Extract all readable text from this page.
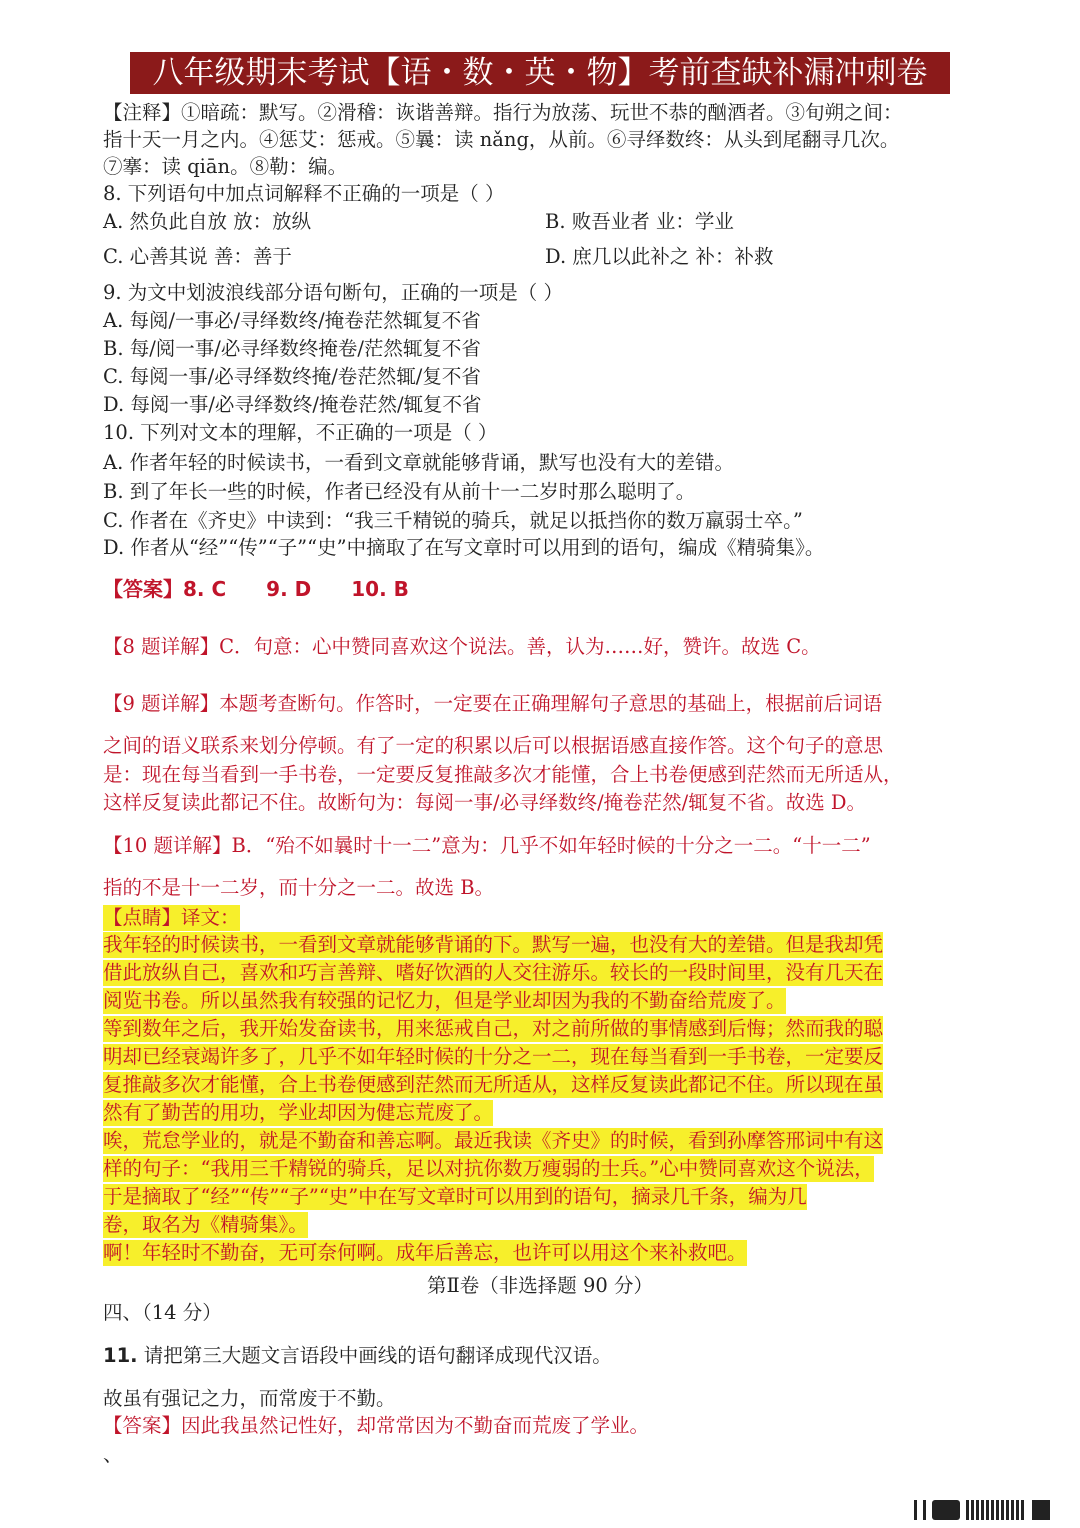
八年级期末考试【语・数・英・物】考前查缺补漏冲刺卷
【注释】①暗疏：默写。②滑稽：诙谐善辩。指行为放荡、玩世不恭的酗酒者。③旬朔之间：
指十天一月之内。④惩艾：惩戒。⑤曩：读 nǎng，从前。⑥寻绎数终：从头到尾翻寻几次。
⑦搴：读 qiān。⑧勒：编。
8. 下列语句中加点词解释不正确的一项是（ ）
A. 然负此自放 放：放纵	B. 败吾业者 业：学业
C. 心善其说 善：善于	D. 庶几以此补之 补：补救
9. 为文中划波浪线部分语句断句，正确的一项是（ ）
A. 每阅/一事必/寻绎数终/掩卷茫然辄复不省
B. 每/阅一事/必寻绎数终掩卷/茫然辄复不省
C. 每阅一事/必寻绎数终掩/卷茫然辄/复不省
D. 每阅一事/必寻绎数终/掩卷茫然/辄复不省
10. 下列对文本的理解，不正确的一项是（ ）
A. 作者年轻的时候读书，一看到文章就能够背诵，默写也没有大的差错。
B. 到了年长一些的时候，作者已经没有从前十一二岁时那么聪明了。
C. 作者在《齐史》中读到：“我三千精锐的骑兵，就足以抵挡你的数万羸弱士卒。”
D. 作者从“经”“传”“子”“史”中摘取了在写文章时可以用到的语句，编成《精骑集》。
【答案】8. C 9. D 10. B
【8 题详解】C．句意：心中赞同喜欢这个说法。善，认为……好，赞许。故选 C。
【9 题详解】本题考查断句。作答时，一定要在正确理解句子意思的基础上，根据前后词语
之间的语义联系来划分停顿。有了一定的积累以后可以根据语感直接作答。这个句子的意思
是：现在每当看到一手书卷，一定要反复推敲多次才能懂，合上书卷便感到茫然而无所适从，
这样反复读此都记不住。故断句为：每阅一事/必寻绎数终/掩卷茫然/辄复不省。故选 D。
【10 题详解】B．“殆不如曩时十一二”意为：几乎不如年轻时候的十分之一二。“十一二”
指的不是十一二岁，而十分之一二。故选 B。
【点睛】译文：
我年轻的时候读书，一看到文章就能够背诵的下。默写一遍，也没有大的差错。但是我却凭
借此放纵自己，喜欢和巧言善辩、嗜好饮酒的人交往游乐。较长的一段时间里，没有几天在
阅览书卷。所以虽然我有较强的记忆力，但是学业却因为我的不勤奋给荒废了。
等到数年之后，我开始发奋读书，用来惩戒自己，对之前所做的事情感到后悔；然而我的聪
明却已经衰竭许多了，几乎不如年轻时候的十分之一二，现在每当看到一手书卷，一定要反
复推敲多次才能懂，合上书卷便感到茫然而无所适从，这样反复读此都记不住。所以现在虽
然有了勤苦的用功，学业却因为健忘荒废了。
唉，荒怠学业的，就是不勤奋和善忘啊。最近我读《齐史》的时候，看到孙摩答邢词中有这
样的句子：“我用三千精锐的骑兵，足以对抗你数万瘦弱的士兵。”心中赞同喜欢这个说法，
于是摘取了“经”“传”“子”“史”中在写文章时可以用到的语句，摘录几千条，编为几
卷，取名为《精骑集》。
啊！年轻时不勤奋，无可奈何啊。成年后善忘，也许可以用这个来补救吧。
第Ⅱ卷（非选择题 90 分）
四、（14 分）
11. 请把第三大题文言语段中画线的语句翻译成现代汉语。
故虽有强记之力，而常废于不勤。
【答案】因此我虽然记性好，却常常因为不勤奋而荒废了学业。
、
